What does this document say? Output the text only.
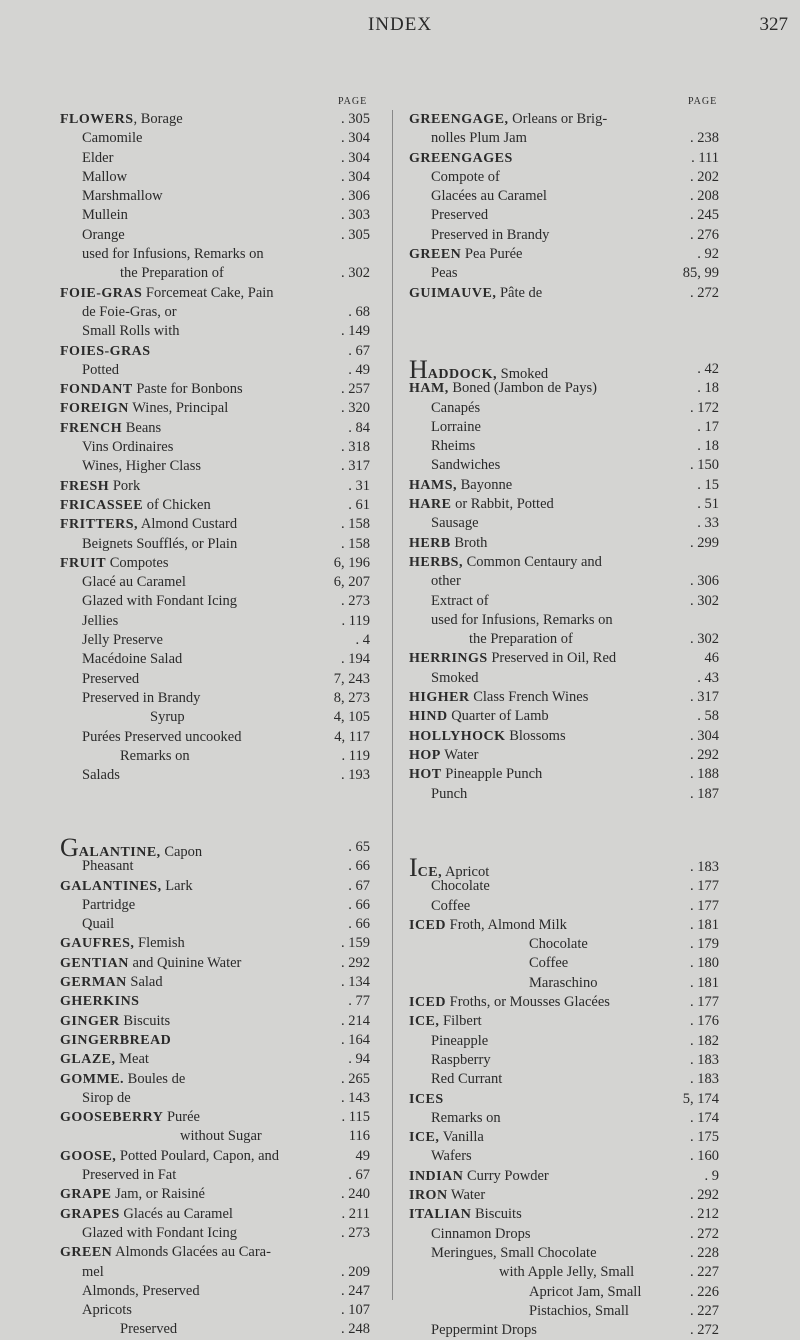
INDEX	327
PAGE	PAGE
FLOWERS, Borage	. 305
Camomile	. 304
Elder	. 304
Mallow	. 304
Marshmallow	. 306
Mullein	. 303
Orange	. 305
used for Infusions, Remarks on
the Preparation of	. 302
FOIE-GRAS Forcemeat Cake, Pain
de Foie-Gras, or	. 68
Small Rolls with	. 149
FOIES-GRAS	. 67
Potted	. 49
FONDANT Paste for Bonbons	. 257
FOREIGN Wines, Principal	. 320
FRENCH Beans	. 84
Vins Ordinaires	. 318
Wines, Higher Class	. 317
FRESH Pork	. 31
FRICASSEE of Chicken	. 61
FRITTERS, Almond Custard	. 158
Beignets Soufflés, or Plain	. 158
FRUIT Compotes	6, 196
Glacé au Caramel	6, 207
Glazed with Fondant Icing	. 273
Jellies	. 119
Jelly Preserve	. 4
Macédoine Salad	. 194
Preserved	7, 243
Preserved in Brandy	8, 273
Syrup	4, 105
Purées Preserved uncooked	4, 117
Remarks on	. 119
Salads	. 193
GALANTINE, Capon	. 65
Pheasant	. 66
GALANTINES, Lark	. 67
Partridge	. 66
Quail	. 66
GAUFRES, Flemish	. 159
GENTIAN and Quinine Water	. 292
GERMAN Salad	. 134
GHERKINS	. 77
GINGER Biscuits	. 214
GINGERBREAD	. 164
GLAZE, Meat	. 94
GOMME. Boules de	. 265
Sirop de	. 143
GOOSEBERRY Purée	. 115
without Sugar	116
GOOSE, Potted Poulard, Capon, and	49
Preserved in Fat	. 67
GRAPE Jam, or Raisiné	. 240
GRAPES Glacés au Caramel	. 211
Glazed with Fondant Icing	. 273
GREEN Almonds Glacées au Cara-
mel	. 209
Almonds, Preserved	. 247
Apricots	. 107
Preserved	. 248
GREENGAGE, Orleans or Brig-
nolles Plum Jam	. 238
GREENGAGES	. 111
Compote of	. 202
Glacées au Caramel	. 208
Preserved	. 245
Preserved in Brandy	. 276
GREEN Pea Purée	. 92
Peas	85, 99
GUIMAUVE, Pâte de	. 272
HADDOCK, Smoked	. 42
HAM, Boned (Jambon de Pays)	. 18
Canapés	. 172
Lorraine	. 17
Rheims	. 18
Sandwiches	. 150
HAMS, Bayonne	. 15
HARE or Rabbit, Potted	. 51
Sausage	. 33
HERB Broth	. 299
HERBS, Common Centaury and
other	. 306
Extract of	. 302
used for Infusions, Remarks on
the Preparation of	. 302
HERRINGS Preserved in Oil, Red	46
Smoked	. 43
HIGHER Class French Wines	. 317
HIND Quarter of Lamb	. 58
HOLLYHOCK Blossoms	. 304
HOP Water	. 292
HOT Pineapple Punch	. 188
Punch	. 187
ICE, Apricot	. 183
Chocolate	. 177
Coffee	. 177
ICED Froth, Almond Milk	. 181
Chocolate	. 179
Coffee	. 180
Maraschino	. 181
ICED Froths, or Mousses Glacées	. 177
ICE, Filbert	. 176
Pineapple	. 182
Raspberry	. 183
Red Currant	. 183
ICES	5, 174
Remarks on	. 174
ICE, Vanilla	. 175
Wafers	. 160
INDIAN Curry Powder	. 9
IRON Water	. 292
ITALIAN Biscuits	. 212
Cinnamon Drops	. 272
Meringues, Small Chocolate	. 228
with Apple Jelly, Small	. 227
Apricot Jam, Small	. 226
Pistachios, Small	. 227
Peppermint Drops	. 272
